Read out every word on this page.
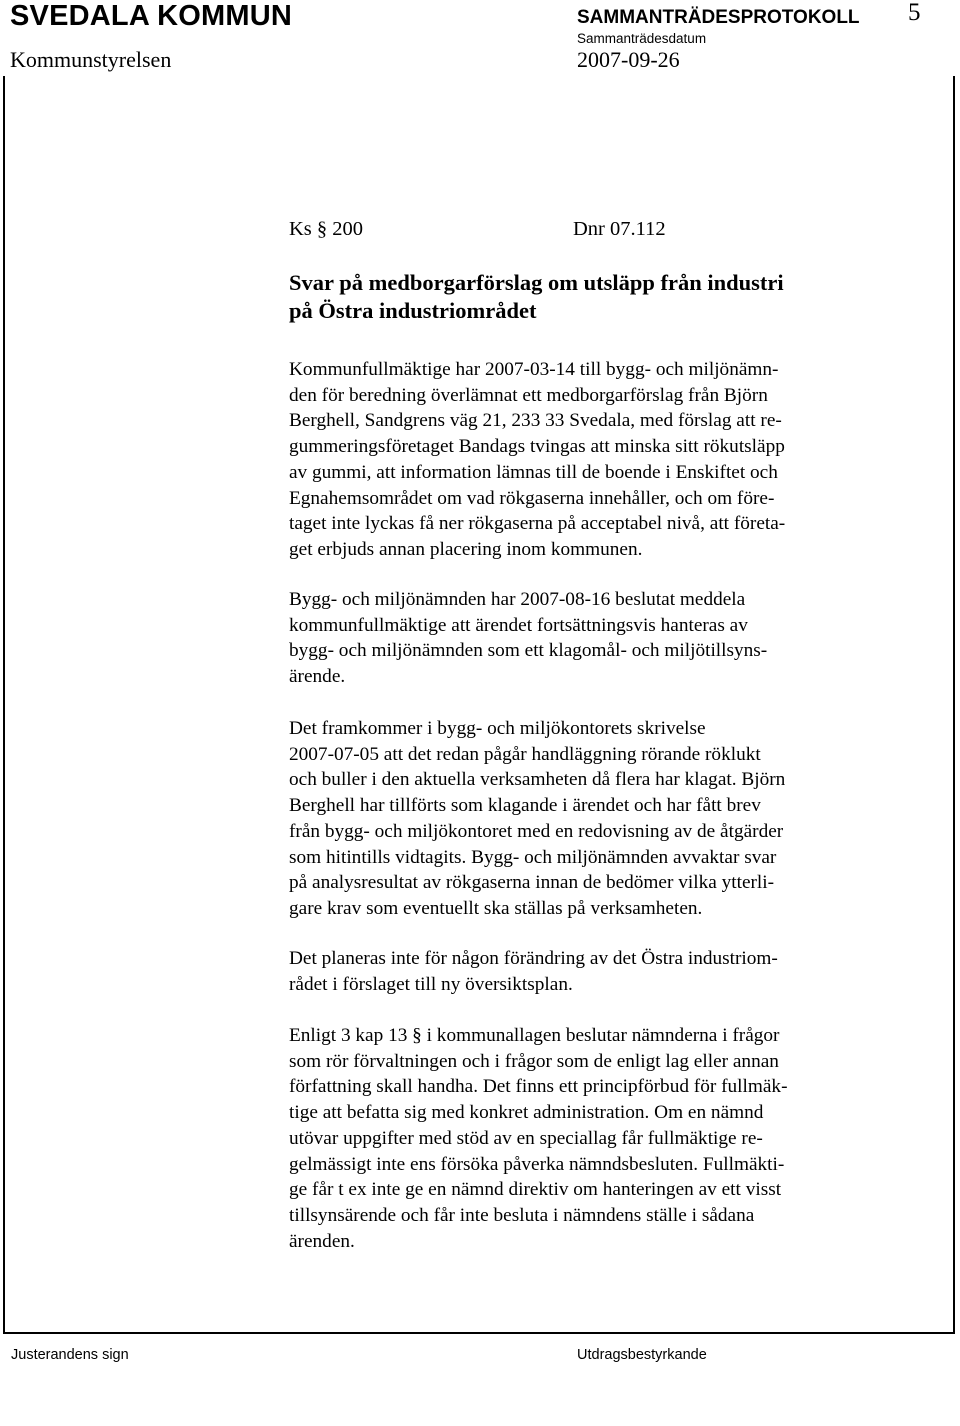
SVEDALA KOMMUN	SAMMANTRÄDESPROTOKOLL
Sammanträdesdatum
5
Kommunstyrelsen	2007-09-26
Ks § 200	Dnr 07.112
Svar på medborgarförslag om utsläpp från industri
på Östra industriområdet
Kommunfullmäktige har 2007-03-14 till bygg- och miljönämn-
den för beredning överlämnat ett medborgarförslag från Björn
Berghell, Sandgrens väg 21, 233 33 Svedala, med förslag att re-
gummeringsföretaget Bandags tvingas att minska sitt rökutsläpp
av gummi, att information lämnas till de boende i Enskiftet och
Egnahemsområdet om vad rökgaserna innehåller, och om före-
taget inte lyckas få ner rökgaserna på acceptabel nivå, att företa-
get erbjuds annan placering inom kommunen.
Bygg- och miljönämnden har 2007-08-16 beslutat meddela
kommunfullmäktige att ärendet fortsättningsvis hanteras av
bygg- och miljönämnden som ett klagomål- och miljötillsyns-
ärende.
Det framkommer i bygg- och miljökontorets skrivelse
2007-07-05 att det redan pågår handläggning rörande röklukt
och buller i den aktuella verksamheten då flera har klagat. Björn
Berghell har tillförts som klagande i ärendet och har fått brev
från bygg- och miljökontoret med en redovisning av de åtgärder
som hitintills vidtagits. Bygg- och miljönämnden avvaktar svar
på analysresultat av rökgaserna innan de bedömer vilka ytterli-
gare krav som eventuellt ska ställas på verksamheten.
Det planeras inte för någon förändring av det Östra industriom-
rådet i förslaget till ny översiktsplan.
Enligt 3 kap 13 § i kommunallagen beslutar nämnderna i frågor
som rör förvaltningen och i frågor som de enligt lag eller annan
författning skall handha. Det finns ett principförbud för fullmäk-
tige att befatta sig med konkret administration. Om en nämnd
utövar uppgifter med stöd av en speciallag får fullmäktige re-
gelmässigt inte ens försöka påverka nämndsbesluten. Fullmäkti-
ge får t ex inte ge en nämnd direktiv om hanteringen av ett visst
tillsynsärende och får inte besluta i nämndens ställe i sådana
ärenden.
Justerandens sign	Utdragsbestyrkande
